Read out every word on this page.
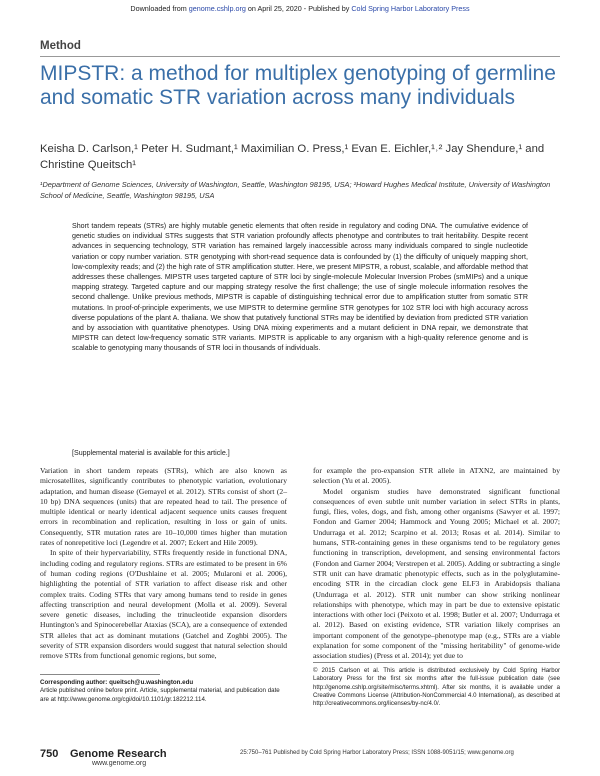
Downloaded from genome.cshlp.org on April 25, 2020 - Published by Cold Spring Harbor Laboratory Press
Method
MIPSTR: a method for multiplex genotyping of germline and somatic STR variation across many individuals
Keisha D. Carlson,¹ Peter H. Sudmant,¹ Maximilian O. Press,¹ Evan E. Eichler,¹˒² Jay Shendure,¹ and Christine Queitsch¹
¹Department of Genome Sciences, University of Washington, Seattle, Washington 98195, USA; ²Howard Hughes Medical Institute, University of Washington School of Medicine, Seattle, Washington 98195, USA

Short tandem repeats (STRs) are highly mutable genetic elements that often reside in regulatory and coding DNA. The cumulative evidence of genetic studies on individual STRs suggests that STR variation profoundly affects phenotype and contributes to trait heritability. Despite recent advances in sequencing technology, STR variation has remained largely inaccessible across many individuals compared to single nucleotide variation or copy number variation. STR genotyping with short-read sequence data is confounded by (1) the difficulty of uniquely mapping short, low-complexity reads; and (2) the high rate of STR amplification stutter. Here, we present MIPSTR, a robust, scalable, and affordable method that addresses these challenges. MIPSTR uses targeted capture of STR loci by single-molecule Molecular Inversion Probes (smMIPs) and a unique mapping strategy. Targeted capture and our mapping strategy resolve the first challenge; the use of single molecule information resolves the second challenge. Unlike previous methods, MIPSTR is capable of distinguishing technical error due to amplification stutter from somatic STR mutations. In proof-of-principle experiments, we use MIPSTR to determine germline STR genotypes for 102 STR loci with high accuracy across diverse populations of the plant A. thaliana. We show that putatively functional STRs may be identified by deviation from predicted STR variation and by association with quantitative phenotypes. Using DNA mixing experiments and a mutant deficient in DNA repair, we demonstrate that MIPSTR can detect low-frequency somatic STR variants. MIPSTR is applicable to any organism with a high-quality reference genome and is scalable to genotyping many thousands of STR loci in thousands of individuals.

[Supplemental material is available for this article.]

Variation in short tandem repeats (STRs), which are also known as microsatellites, significantly contributes to phenotypic variation, evolutionary adaptation, and human disease (Gemayel et al. 2012). STRs consist of short (2–10 bp) DNA sequences (units) that are repeated head to tail. The presence of multiple identical or nearly identical adjacent sequence units causes frequent errors in recombination and replication, resulting in loss or gain of units. Consequently, STR mutation rates are 10–10,000 times higher than mutation rates of nonrepetitive loci (Legendre et al. 2007; Eckert and Hile 2009).

In spite of their hypervariability, STRs frequently reside in functional DNA, including coding and regulatory regions. STRs are estimated to be present in 6% of human coding regions (O'Dushlaine et al. 2005; Mularoni et al. 2006), highlighting the potential of STR variation to affect disease risk and other complex traits. Coding STRs that vary among humans tend to reside in genes affecting transcription and neural development (Molla et al. 2009). Several severe genetic diseases, including the trinucleotide expansion disorders Huntington's and Spinocerebellar Ataxias (SCA), are a consequence of extended STR alleles that act as dominant mutations (Gatchel and Zoghbi 2005). The severity of STR expansion disorders would suggest that natural selection should remove STRs from functional genomic regions, but some,

for example the pro-expansion STR allele in ATXN2, are maintained by selection (Yu et al. 2005).

Model organism studies have demonstrated significant functional consequences of even subtle unit number variation in select STRs in plants, fungi, flies, voles, dogs, and fish, among other organisms (Sawyer et al. 1997; Fondon and Garner 2004; Hammock and Young 2005; Michael et al. 2007; Undurraga et al. 2012; Scarpino et al. 2013; Rosas et al. 2014). Similar to humans, STR-containing genes in these organisms tend to be regulatory genes functioning in transcription, development, and sensing environmental factors (Fondon and Garner 2004; Verstrepen et al. 2005). Adding or subtracting a single STR unit can have dramatic phenotypic effects, such as in the polyglutamine-encoding STR in the circadian clock gene ELF3 in Arabidopsis thaliana (Undurraga et al. 2012). STR unit number can show striking nonlinear relationships with phenotype, which may in part be due to extensive epistatic interactions with other loci (Peixoto et al. 1998; Butler et al. 2007; Undurraga et al. 2012). Based on existing evidence, STR variation likely comprises an important component of the genotype–phenotype map (e.g., STRs are a viable explanation for some component of the "missing heritability" of genome-wide association studies) (Press et al. 2014); yet due to

Corresponding author: queitsch@u.washington.edu
Article published online before print. Article, supplemental material, and publication date are at http://www.genome.org/cgi/doi/10.1101/gr.182212.114.
© 2015 Carlson et al. This article is distributed exclusively by Cold Spring Harbor Laboratory Press for the first six months after the full-issue publication date (see http://genome.cshlp.org/site/misc/terms.xhtml). After six months, it is available under a Creative Commons License (Attribution-NonCommercial 4.0 International), as described at http://creativecommons.org/licenses/by-nc/4.0/.
750 Genome Research
www.genome.org
25:750–761 Published by Cold Spring Harbor Laboratory Press; ISSN 1088-9051/15; www.genome.org
